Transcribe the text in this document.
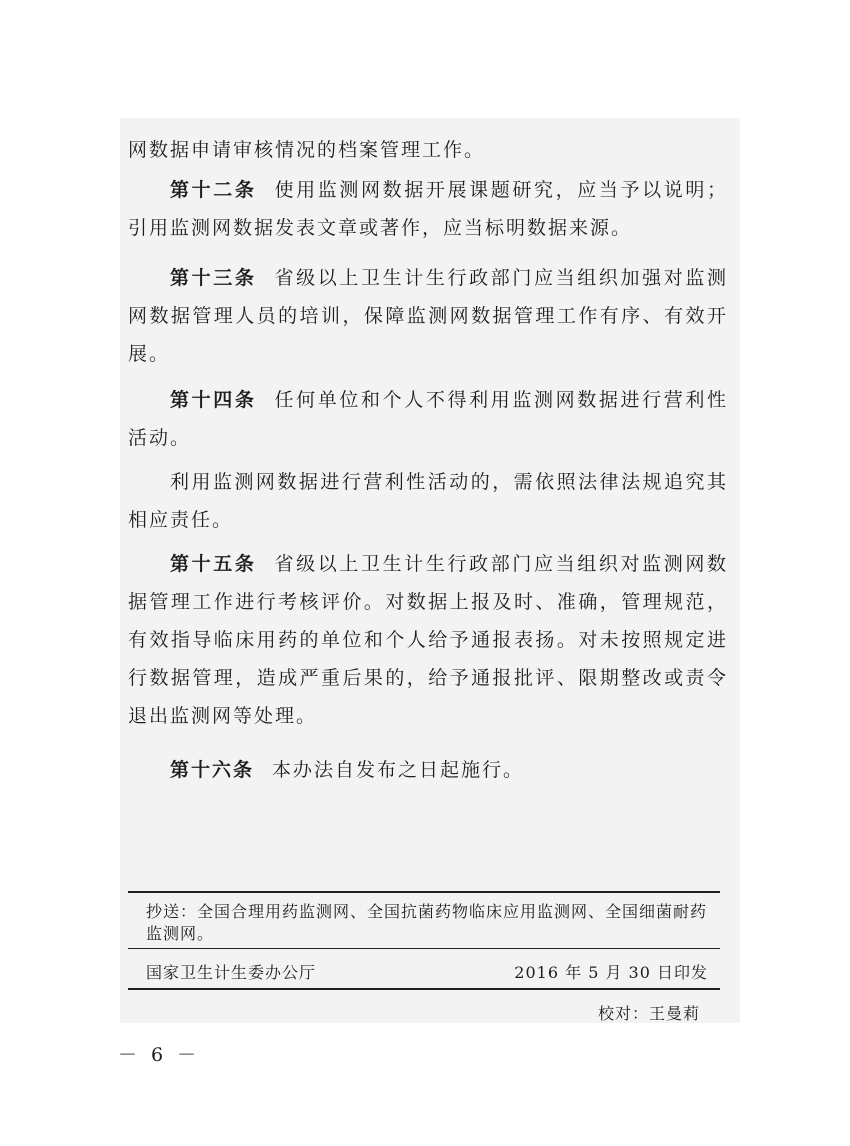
网数据申请审核情况的档案管理工作。

第十二条 使用监测网数据开展课题研究，应当予以说明；引用监测网数据发表文章或著作，应当标明数据来源。

第十三条 省级以上卫生计生行政部门应当组织加强对监测网数据管理人员的培训，保障监测网数据管理工作有序、有效开展。

第十四条 任何单位和个人不得利用监测网数据进行营利性活动。

利用监测网数据进行营利性活动的，需依照法律法规追究其相应责任。

第十五条 省级以上卫生计生行政部门应当组织对监测网数据管理工作进行考核评价。对数据上报及时、准确，管理规范，有效指导临床用药的单位和个人给予通报表扬。对未按照规定进行数据管理，造成严重后果的，给予通报批评、限期整改或责令退出监测网等处理。

第十六条 本办法自发布之日起施行。

抄送：全国合理用药监测网、全国抗菌药物临床应用监测网、全国细菌耐药监测网。
国家卫生计生委办公厅	2016 年 5 月 30 日印发
校对：王曼莉
－ 6 －
